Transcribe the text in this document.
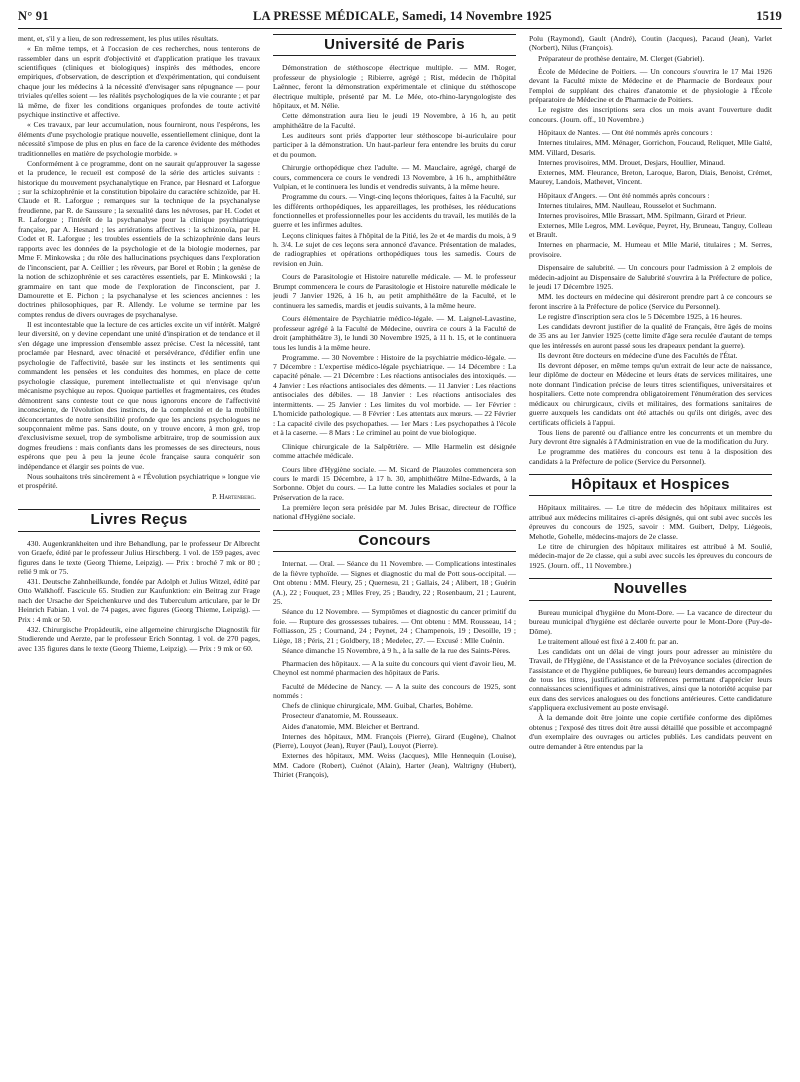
N° 91	LA PRESSE MÉDICALE, Samedi, 14 Novembre 1925	1519

ment, et, s'il y a lieu, de son redressement, les plus utiles résultats.

« En même temps, et à l'occasion de ces recherches, nous tenterons de rassembler dans un esprit d'objectivité et d'application pratique les travaux scientifiques (cliniques et biologiques) inspirés des méthodes, encore empiriques, d'observation, de description et d'expérimentation, qui conduisent chaque jour les médecins à la nécessité d'envisager sans répugnance — pour triviales qu'elles soient — les réalités psychologiques de la vie courante ; et par là même, de fixer les conditions organiques profondes de toute activité psychique instinctive et affective.

« Ces travaux, par leur accumulation, nous fourniront, nous l'espérons, les éléments d'une psychologie pratique nouvelle, essentiellement clinique, dont la nécessité s'impose de plus en plus en face de la carence évidente des méthodes traditionnelles en matière de psychologie morbide. »

Conformément à ce programme, dont on ne saurait qu'approuver la sagesse et la prudence, le recueil est composé de la série des articles suivants : historique du mouvement psychanalytique en France, par Hesnard et Laforgue ; sur la schizophrénie et la constitution bipolaire du caractère schizoïde, par H. Claude et R. Laforgue ; remarques sur la technique de la psychanalyse freudienne, par R. de Saussure ; la sexualité dans les névroses, par H. Codet et R. Laforgue ; l'intérêt de la psychanalyse pour la clinique psychiatrique française, par A. Hesnard ; les arriérations affectives : la schizonoïa, par H. Codet et R. Laforgue ; les troubles essentiels de la schizophrénie dans leurs rapports avec les données de la psychologie et de la biologie modernes, par Mme F. Minkowska ; du rôle des hallucinations psychiques dans l'exploration de l'inconscient, par A. Ceillier ; les rêveurs, par Borel et Robin ; la genèse de la notion de schizophrénie et ses caractères essentiels, par E. Minkowski ; la grammaire en tant que mode de l'exploration de l'inconscient, par J. Damourette et E. Pichon ; la psychanalyse et les sciences anciennes : les doctrines philosophiques, par R. Allendy. Le volume se termine par les comptes rendus de divers ouvrages de psychanalyse.

Il est incontestable que la lecture de ces articles excite un vif intérêt. Malgré leur diversité, on y devine cependant une unité d'inspiration et de tendance et il s'en dégage une impression d'ensemble assez précise. C'est la nécessité, tant proclamée par Hesnard, avec ténacité et persévérance, d'édifier enfin une psychologie de l'affectivité, basée sur les instincts et les sentiments qui commandent les pensées et les conduites des hommes, en place de cette psychologie classique, purement intellectualiste et qui n'envisage qu'un mécanisme psychique au repos. Quoique partielles et fragmentaires, ces études démontrent sans conteste tout ce que nous ignorons encore de l'affectivité inconsciente, de l'évolution des instincts, de la complexité et de la mobilité déconcertantes de notre sensibilité profonde que les anciens psychologues ne soupçonnaient même pas. Sans doute, on y trouve encore, à mon gré, trop d'exclusivisme sexuel, trop de symbolisme arbitraire, trop de soumission aux dogmes freudiens : mais confiants dans les promesses de ses directeurs, nous espérons que peu à peu la jeune école française saura conquérir son indépendance et élargir ses points de vue.

Nous souhaitons très sincèrement à « l'Évolution psychiatrique » longue vie et prospérité.

P. Hartenberg.
Livres Reçus

430. Augenkrankheiten und ihre Behandlung, par le professeur Dr Albrecht von Graefe, édité par le professeur Julius Hirschberg. 1 vol. de 159 pages, avec figures dans le texte (Georg Thieme, Leipzig). — Prix : broché 7 mk or 80 ; relié 9 mk or 75.

431. Deutsche Zahnheilkunde, fondée par Adolph et Julius Witzel, édité par Otto Walkhoff. Fascicule 65. Studien zur Kaufunktion: ein Beitrag zur Frage nach der Ursache der Speichenkurve und des Tuberculum articulare, par le Dr Heinrich Fabian. 1 vol. de 74 pages, avec figures (Georg Thieme, Leipzig). — Prix : 4 mk or 50.

432. Chirurgische Propädeutik, eine allgemeine chirurgische Diagnostik für Studierende und Aerzte, par le professeur Erich Sonntag. 1 vol. de 270 pages, avec 135 figures dans le texte (Georg Thieme, Leipzig). — Prix : 9 mk or 60.

Université de Paris

Démonstration de stéthoscope électrique multiple. — MM. Roger, professeur de physiologie ; Ribierre, agrégé ; Rist, médecin de l'hôpital Laënnec, feront la démonstration expérimentale et clinique du stéthoscope électrique multiple, présenté par M. Le Mée, oto-rhino-laryngologiste des hôpitaux, et M. Nélie.

Cette démonstration aura lieu le jeudi 19 Novembre, à 16 h, au petit amphithéâtre de la Faculté.

Les auditeurs sont priés d'apporter leur stéthoscope bi-auriculaire pour participer à la démonstration. Un haut-parleur fera entendre les bruits du cœur et du poumon.

Chirurgie orthopédique chez l'adulte. — M. Mauclaire, agrégé, chargé de cours, commencera ce cours le vendredi 13 Novembre, à 16 h., amphithéâtre Vulpian, et le continuera les lundis et vendredis suivants, à la même heure.

Programme du cours. — Vingt-cinq leçons théoriques, faites à la Faculté, sur les différents orthopédiques, les appareillages, les prothèses, les rééducations fonctionnelles et professionnelles pour les accidents du travail, les mutilés de la guerre et les infirmes adultes.

Leçons cliniques faites à l'hôpital de la Pitié, les 2e et 4e mardis du mois, à 9 h. 3/4. Le sujet de ces leçons sera annoncé d'avance. Présentation de malades, de radiographies et opérations orthopédiques tous les samedis. Cours de revision en Juin.

Cours de Parasitologie et Histoire naturelle médicale. — M. le professeur Brumpt commencera le cours de Parasitologie et Histoire naturelle médicale le jeudi 7 Janvier 1926, à 16 h, au petit amphithéâtre de la Faculté, et le continuera les samedis, mardis et jeudis suivants, à la même heure.

Cours élémentaire de Psychiatrie médico-légale. — M. Laignel-Lavastine, professeur agrégé à la Faculté de Médecine, ouvrira ce cours à la Faculté de droit (amphithéâtre 3), le lundi 30 Novembre 1925, à 11 h. 15, et le continuera tous les lundis à la même heure.

Programme. — 30 Novembre : Histoire de la psychiatrie médico-légale. — 7 Décembre : L'expertise médico-légale psychiatrique. — 14 Décembre : La capacité pénale. — 21 Décembre : Les réactions antisociales des intoxiqués. — 4 Janvier : Les réactions antisociales des déments. — 11 Janvier : Les réactions antisociales des débiles. — 18 Janvier : Les réactions antisociales des intermittents. — 25 Janvier : Les limites du vol morbide. — 1er Février : L'homicide pathologique. — 8 Février : Les attentats aux mœurs. — 22 Février : La capacité civile des psychopathes. — 1er Mars : Les psychopathes à l'école et à la caserne. — 8 Mars : Le criminel au point de vue biologique.

Clinique chirurgicale de la Salpêtrière. — Mlle Harmelin est désignée comme attachée médicale.

Cours libre d'Hygiène sociale. — M. Sicard de Plauzoles commencera son cours le mardi 15 Décembre, à 17 h. 30, amphithéâtre Milne-Edwards, à la Sorbonne. Objet du cours. — La lutte contre les Maladies sociales et pour la Préservation de la race.

La première leçon sera présidée par M. Jules Brisac, directeur de l'Office national d'Hygiène sociale.

Concours

Internat. — Oral. — Séance du 11 Novembre. — Complications intestinales de la fièvre typhoïde. — Signes et diagnostic du mal de Pott sous-occipital. — Ont obtenu : MM. Fleury, 25 ; Quernesu, 21 ; Gallais, 24 ; Alibert, 18 ; Guérin (A.), 22 ; Fouquet, 23 ; Mlles Frey, 25 ; Baudry, 22 ; Rosenbaum, 21 ; Laurent, 25.

Séance du 12 Novembre. — Symptômes et diagnostic du cancer primitif du foie. — Rupture des grossesses tubaires. — Ont obtenu : MM. Rousseau, 14 ; Folliasson, 25 ; Cournand, 24 ; Peynet, 24 ; Champenois, 19 ; Desoille, 19 ; Liège, 18 ; Péris, 21 ; Goldbery, 18 ; Medelec, 27. — Excusé : Mlle Cuénin.

Séance dimanche 15 Novembre, à 9 h., à la salle de la rue des Saints-Pères.

Pharmacien des hôpitaux. — A la suite du concours qui vient d'avoir lieu, M. Cheynol est nommé pharmacien des hôpitaux de Paris.

Faculté de Médecine de Nancy. — A la suite des concours de 1925, sont nommés :

Chefs de clinique chirurgicale, MM. Guibal, Charles, Bohème.

Prosecteur d'anatomie, M. Rousseaux.

Aides d'anatomie, MM. Bleicher et Bertrand.

Internes des hôpitaux, MM. François (Pierre), Girard (Eugène), Chalnot (Pierre), Louyot (Jean), Ruyer (Paul), Louyot (Pierre).

Externes des hôpitaux, MM. Weiss (Jacques), Mlle Hennequin (Louise), MM. Cadore (Robert), Cuénot (Alain), Harter (Jean), Waltrigny (Hubert), Thiriet (François),

Polu (Raymond), Gault (André), Coutin (Jacques), Pacaud (Jean), Varlet (Norbert), Nilus (François).

Préparateur de prothèse dentaire, M. Clerget (Gabriel).

École de Médecine de Poitiers. — Un concours s'ouvrira le 17 Mai 1926 devant la Faculté mixte de Médecine et de Pharmacie de Bordeaux pour l'emploi de suppléant des chaires d'anatomie et de physiologie à l'École préparatoire de Médecine et de Pharmacie de Poitiers.

Le registre des inscriptions sera clos un mois avant l'ouverture dudit concours. (Journ. off., 10 Novembre.)

Hôpitaux de Nantes. — Ont été nommés après concours :

Internes titulaires, MM. Ménager, Gorrichon, Foucaud, Reliquet, Mlle Galté, MM. Villard, Desaris.

Internes provisoires, MM. Drouet, Desjars, Houllier, Minaud.

Externes, MM. Fleurance, Breton, Laroque, Baron, Diais, Benoist, Crémet, Maurey, Landois, Mathevet, Vincent.

Hôpitaux d'Angers. — Ont été nommés après concours :

Internes titulaires, MM. Naulleau, Rousselot et Suchmann.

Internes provisoires, Mlle Brassart, MM. Spilmann, Girard et Prieur.

Externes, Mlle Legros, MM. Levêque, Peyret, Hy, Bruneau, Tanguy, Colleau et Brault.

Internes en pharmacie, M. Humeau et Mlle Marié, titulaires ; M. Serres, provisoire.

Dispensaire de salubrité. — Un concours pour l'admission à 2 emplois de médecin-adjoint au Dispensaire de Salubrité s'ouvrira à la Préfecture de police, le jeudi 17 Décembre 1925.

MM. les docteurs en médecine qui désireront prendre part à ce concours se feront inscrire à la Préfecture de police (Service du Personnel).

Le registre d'inscription sera clos le 5 Décembre 1925, à 16 heures.

Les candidats devront justifier de la qualité de Français, être âgés de moins de 35 ans au 1er Janvier 1925 (cette limite d'âge sera reculée d'autant de temps que les intéressés en auront passé sous les drapeaux pendant la guerre).

Ils devront être docteurs en médecine d'une des Facultés de l'État.

Ils devront déposer, en même temps qu'un extrait de leur acte de naissance, leur diplôme de docteur en Médecine et leurs états de services militaires, une note donnant l'indication précise de leurs titres scientifiques, universitaires et hospitaliers. Cette note comprendra obligatoirement l'énumération des services médicaux ou chirurgicaux, civils et militaires, des formations sanitaires de guerre auxquels les candidats ont été attachés ou qu'ils ont dirigés, avec des certificats officiels à l'appui.

Tous liens de parenté ou d'alliance entre les concurrents et un membre du Jury devront être signalés à l'Administration en vue de la modification du Jury.

Le programme des matières du concours est tenu à la disposition des candidats à la Préfecture de police (Service du Personnel).

Hôpitaux et Hospices

Hôpitaux militaires. — Le titre de médecin des hôpitaux militaires est attribué aux médecins militaires ci-après désignés, qui ont subi avec succès les épreuves du concours de 1925, savoir : MM. Guibert, Delpy, Liégeois, Mehotle, Gohelle, médecins-majors de 2e classe.

Le titre de chirurgien des hôpitaux militaires est attribué à M. Soulié, médecin-major de 2e classe, qui a subi avec succès les épreuves du concours de 1925. (Journ. off., 11 Novembre.)

Nouvelles

Bureau municipal d'hygiène du Mont-Dore. — La vacance de directeur du bureau municipal d'hygiène est déclarée ouverte pour le Mont-Dore (Puy-de-Dôme).

Le traitement alloué est fixé à 2.400 fr. par an.

Les candidats ont un délai de vingt jours pour adresser au ministère du Travail, de l'Hygiène, de l'Assistance et de la Prévoyance sociales (direction de l'assistance et de l'hygiène publiques, 6e bureau) leurs demandes accompagnées de tous les titres, justifications ou références permettant d'apprécier leurs connaissances scientifiques et administratives, ainsi que la notoriété acquise par eux dans des services analogues ou des fonctions antérieures. Cette candidature s'appliquera exclusivement au poste envisagé.

À la demande doit être jointe une copie certifiée conforme des diplômes obtenus ; l'exposé des titres doit être aussi détaillé que possible et accompagné d'un exemplaire des ouvrages ou articles publiés. Les candidats peuvent en outre demander à être entendus par la
